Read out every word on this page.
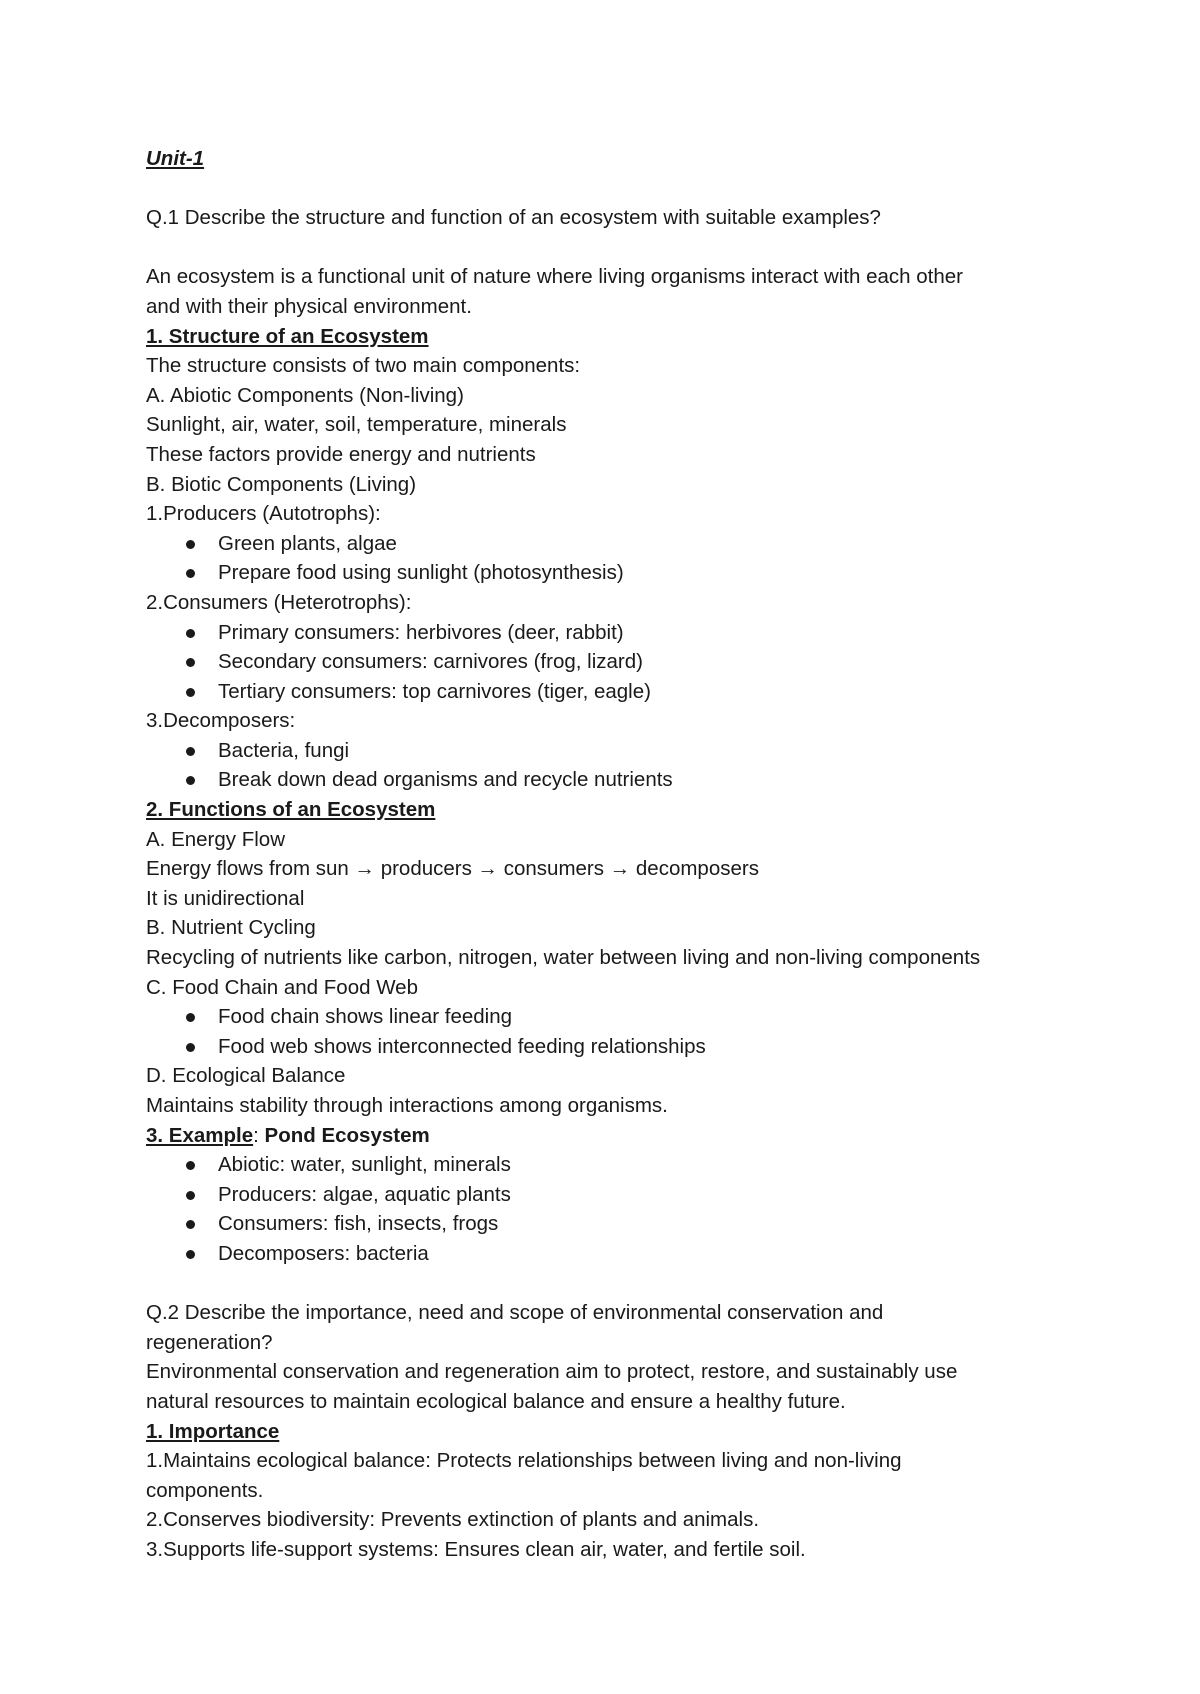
Unit-1
Q.1 Describe the structure and function of an ecosystem with suitable examples?
An ecosystem is a functional unit of nature where living organisms interact with each other
and with their physical environment.
1. Structure of an Ecosystem
The structure consists of two main components:
A. Abiotic Components (Non-living)
Sunlight, air, water, soil, temperature, minerals
These factors provide energy and nutrients
B. Biotic Components (Living)
1.Producers (Autotrophs):
Green plants, algae
Prepare food using sunlight (photosynthesis)
2.Consumers (Heterotrophs):
Primary consumers: herbivores (deer, rabbit)
Secondary consumers: carnivores (frog, lizard)
Tertiary consumers: top carnivores (tiger, eagle)
3.Decomposers:
Bacteria, fungi
Break down dead organisms and recycle nutrients
2. Functions of an Ecosystem
A. Energy Flow
Energy flows from sun → producers → consumers → decomposers
It is unidirectional
B. Nutrient Cycling
Recycling of nutrients like carbon, nitrogen, water between living and non-living components
C. Food Chain and Food Web
Food chain shows linear feeding
Food web shows interconnected feeding relationships
D. Ecological Balance
Maintains stability through interactions among organisms.
3. Example: Pond Ecosystem
Abiotic: water, sunlight, minerals
Producers: algae, aquatic plants
Consumers: fish, insects, frogs
Decomposers: bacteria
Q.2 Describe the importance, need and scope of environmental conservation and
regeneration?
Environmental conservation and regeneration aim to protect, restore, and sustainably use
natural resources to maintain ecological balance and ensure a healthy future.
1. Importance
1.Maintains ecological balance: Protects relationships between living and non-living
components.
2.Conserves biodiversity: Prevents extinction of plants and animals.
3.Supports life-support systems: Ensures clean air, water, and fertile soil.
